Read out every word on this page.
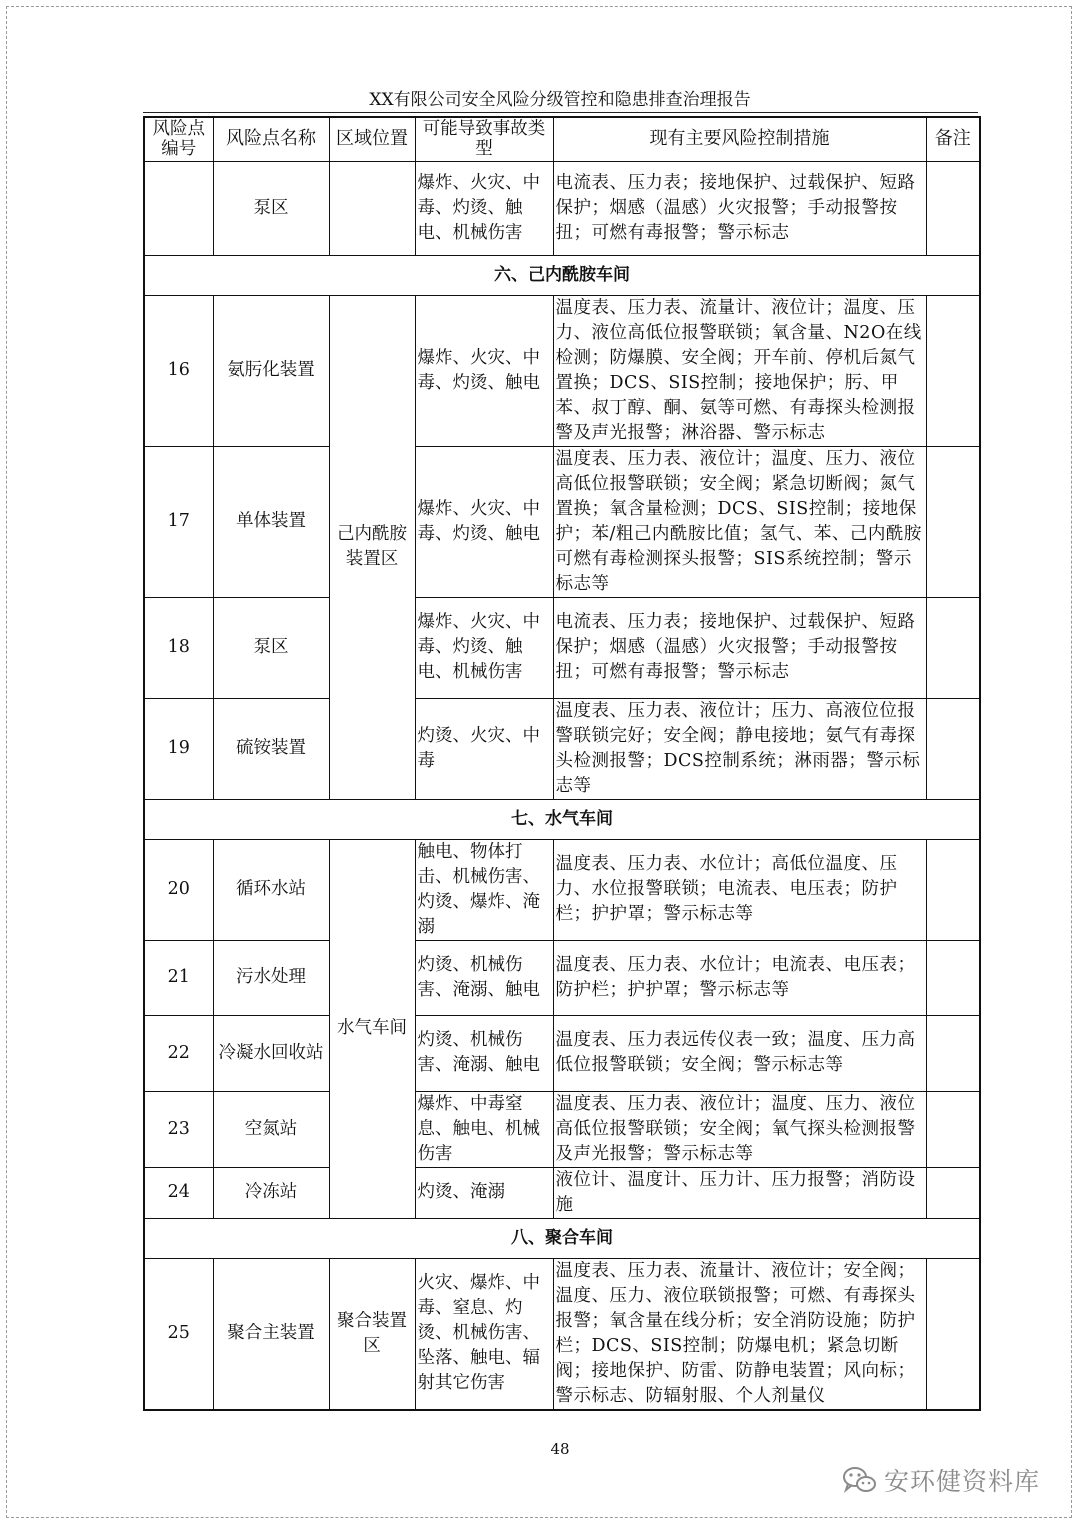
XX有限公司安全风险分级管控和隐患排查治理报告
风险点编号	风险点名称	区域位置	可能导致事故类型	现有主要风险控制措施	备注
	泵区		爆炸、火灾、中毒、灼烫、触电、机械伤害	电流表、压力表；接地保护、过载保护、短路保护；烟感（温感）火灾报警；手动报警按扭；可燃有毒报警；警示标志	
六、己内酰胺车间					
16	氨肟化装置	己内酰胺装置区	爆炸、火灾、中毒、灼烫、触电	温度表、压力表、流量计、液位计；温度、压力、液位高低位报警联锁；氧含量、N2O在线检测；防爆膜、安全阀；开车前、停机后氮气置换；DCS、SIS控制；接地保护；肟、甲苯、叔丁醇、酮、氨等可燃、有毒探头检测报警及声光报警；淋浴器、警示标志	
17	单体装置		爆炸、火灾、中毒、灼烫、触电	温度表、压力表、液位计；温度、压力、液位高低位报警联锁；安全阀；紧急切断阀；氮气置换；氧含量检测；DCS、SIS控制；接地保护；苯/粗己内酰胺比值；氢气、苯、己内酰胺可燃有毒检测探头报警；SIS系统控制；警示标志等	
18	泵区		爆炸、火灾、中毒、灼烫、触电、机械伤害	电流表、压力表；接地保护、过载保护、短路保护；烟感（温感）火灾报警；手动报警按扭；可燃有毒报警；警示标志	
19	硫铵装置		灼烫、火灾、中毒	温度表、压力表、液位计；压力、高液位位报警联锁完好；安全阀；静电接地；氨气有毒探头检测报警；DCS控制系统；淋雨器；警示标志等	
七、水气车间					
20	循环水站	水气车间	触电、物体打击、机械伤害、灼烫、爆炸、淹溺	温度表、压力表、水位计；高低位温度、压力、水位报警联锁；电流表、电压表；防护栏；护护罩；警示标志等	
21	污水处理		灼烫、机械伤害、淹溺、触电	温度表、压力表、水位计；电流表、电压表；防护栏；护护罩；警示标志等	
22	冷凝水回收站		灼烫、机械伤害、淹溺、触电	温度表、压力表远传仪表一致；温度、压力高低位报警联锁；安全阀；警示标志等	
23	空氮站		爆炸、中毒窒息、触电、机械伤害	温度表、压力表、液位计；温度、压力、液位高低位报警联锁；安全阀；氧气探头检测报警及声光报警；警示标志等	
24	冷冻站		灼烫、淹溺	液位计、温度计、压力计、压力报警；消防设施	
八、聚合车间					
25	聚合主装置	聚合装置区	火灾、爆炸、中毒、窒息、灼烫、机械伤害、坠落、触电、辐射其它伤害	温度表、压力表、流量计、液位计；安全阀；温度、压力、液位联锁报警；可燃、有毒探头报警；氧含量在线分析；安全消防设施；防护栏；DCS、SIS控制；防爆电机；紧急切断阀；接地保护、防雷、防静电装置；风向标；警示标志、防辐射服、个人剂量仪	
48
安环健资料库
